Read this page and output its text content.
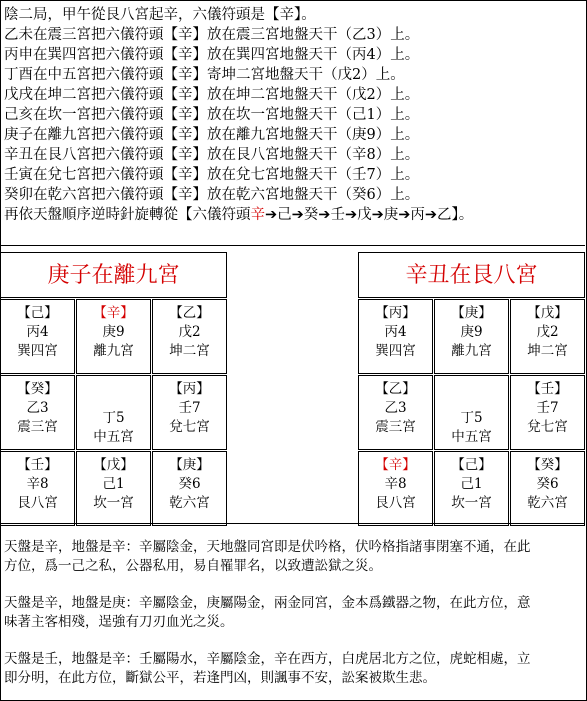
陰二局，甲午從艮八宮起辛，六儀符頭是【辛】。
乙未在震三宮把六儀符頭【辛】放在震三宮地盤天干（乙3）上。
丙申在巽四宮把六儀符頭【辛】放在巽四宮地盤天干（丙4）上。
丁酉在中五宮把六儀符頭【辛】寄坤二宮地盤天干（戊2）上。
戊戌在坤二宮把六儀符頭【辛】放在坤二宮地盤天干（戊2）上。
己亥在坎一宮把六儀符頭【辛】放在坎一宮地盤天干（己1）上。
庚子在離九宮把六儀符頭【辛】放在離九宮地盤天干（庚9）上。
辛丑在艮八宮把六儀符頭【辛】放在艮八宮地盤天干（辛8）上。
壬寅在兌七宮把六儀符頭【辛】放在兌七宮地盤天干（壬7）上。
癸卯在乾六宮把六儀符頭【辛】放在乾六宮地盤天干（癸6）上。
再依天盤順序逆時針旋轉從【六儀符頭辛➔己➔癸➔壬➔戊➔庚➔丙➔乙】。
庚子在離九宮
【己】
丙4
巽四宮
【辛】
庚9
離九宮
【乙】
戊2
坤二宮
【癸】
乙3
震三宮
丁5
中五宮
【丙】
壬7
兌七宮
【壬】
辛8
艮八宮
【戊】
己1
坎一宮
【庚】
癸6
乾六宮
辛丑在艮八宮
【丙】
丙4
巽四宮
【庚】
庚9
離九宮
【戊】
戊2
坤二宮
【乙】
乙3
震三宮
丁5
中五宮
【壬】
壬7
兌七宮
【辛】
辛8
艮八宮
【己】
己1
坎一宮
【癸】
癸6
乾六宮
天盤是辛，地盤是辛：辛屬陰金，天地盤同宮即是伏吟格，伏吟格指諸事閉塞不通，在此
方位，爲一己之私，公器私用，易自罹罪名，以致遭訟獄之災。
天盤是辛，地盤是庚：辛屬陰金，庚屬陽金，兩金同宮，金本爲鐵器之物，在此方位，意
味著主客相殘，逞強有刀刃血光之災。
天盤是壬，地盤是辛：壬屬陽水，辛屬陰金，辛在西方，白虎居北方之位，虎蛇相處，立
即分明，在此方位，斷獄公平，若逢門凶，則諷事不安，訟案被欺生悲。
